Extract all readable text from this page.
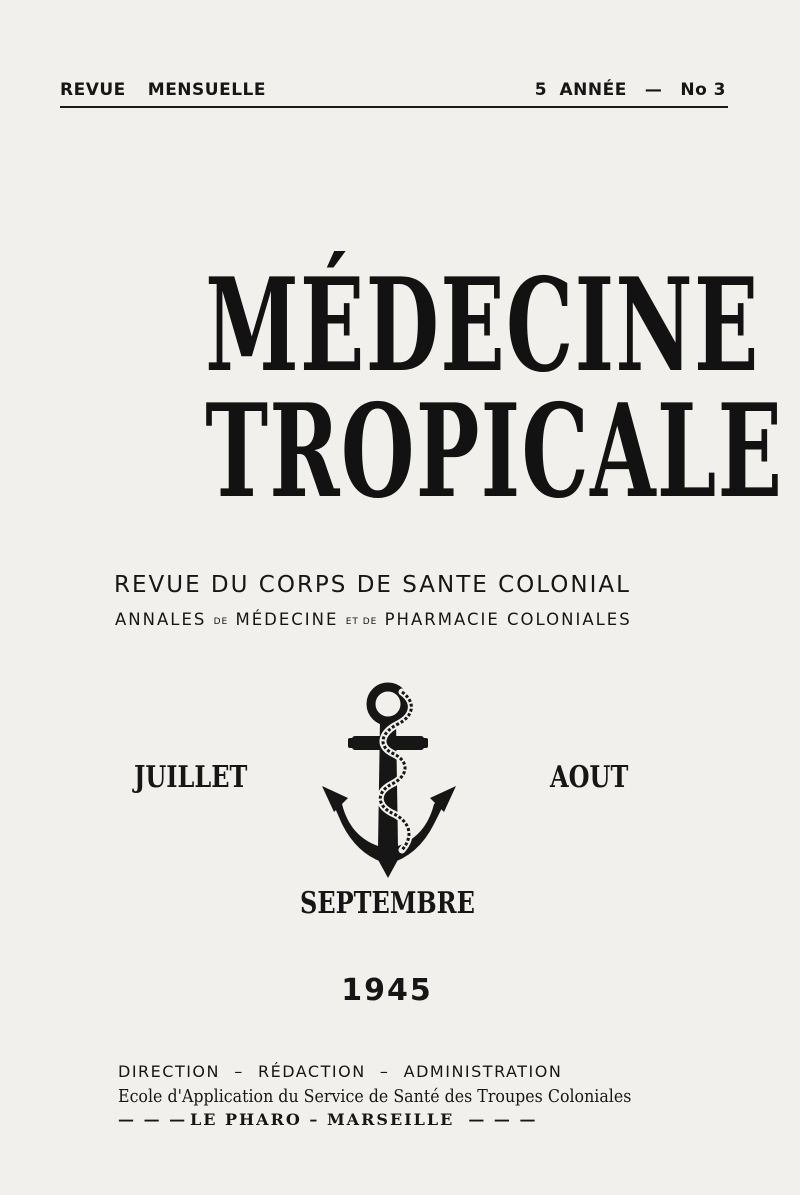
REVUE MENSUELLE	5 ANNÉE — No 3
MÉDECINE
TROPICALE
REVUE DU CORPS DE SANTE COLONIAL
ANNALES DE MÉDECINE ET DE PHARMACIE COLONIALES
JUILLET	AOUT
SEPTEMBRE
1945
DIRECTION – RÉDACTION – ADMINISTRATION
Ecole d'Application du Service de Santé des Troupes Coloniales
— — — LE PHARO – MARSEILLE — — —
